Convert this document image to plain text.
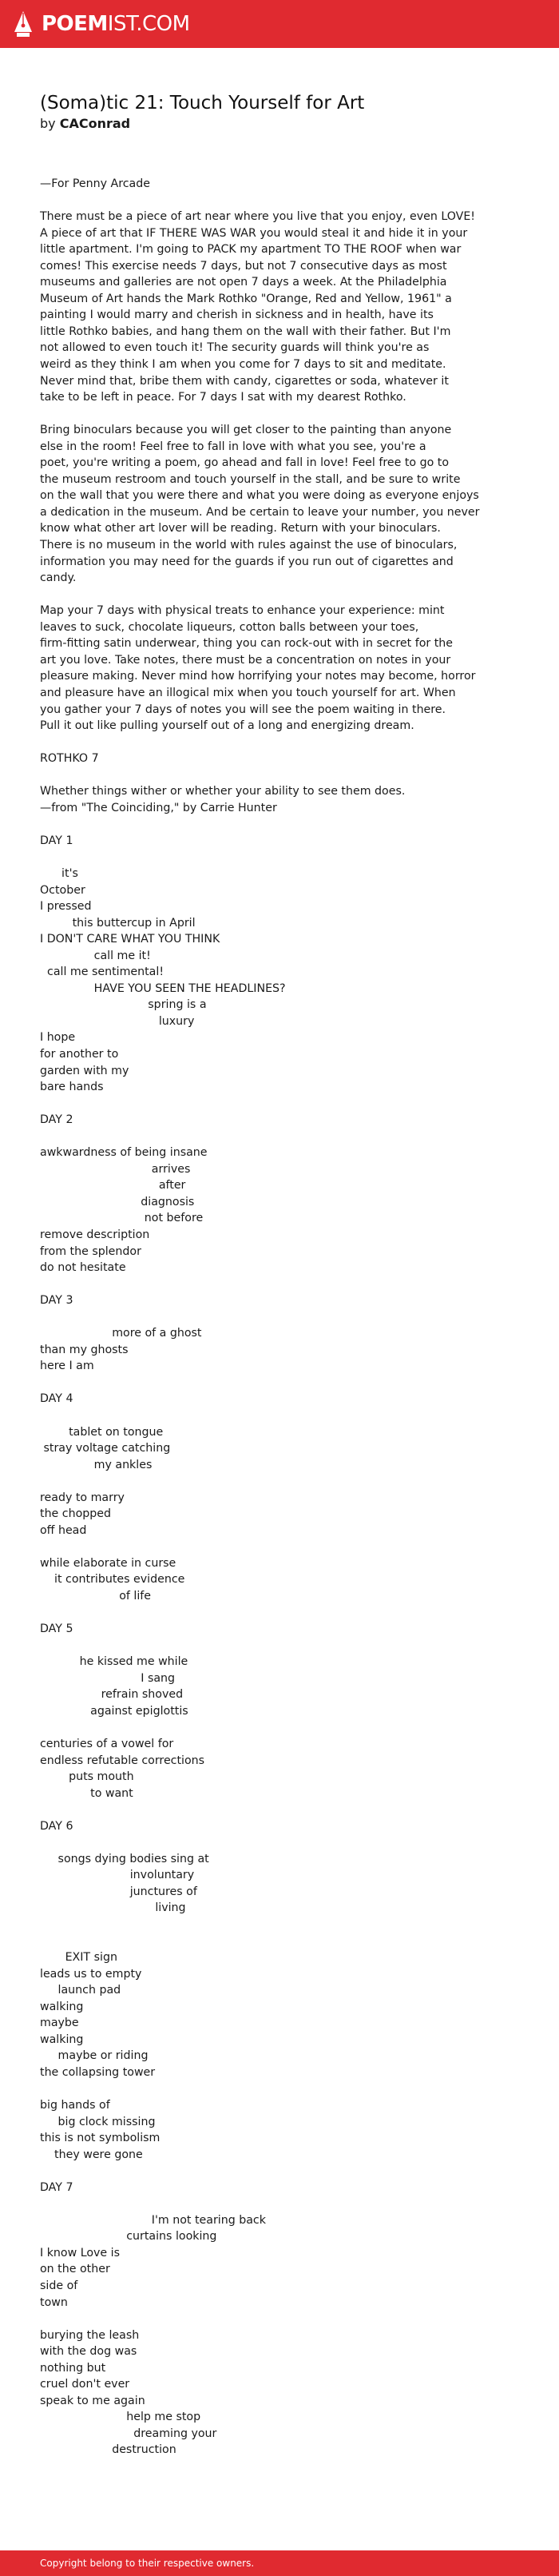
POEMIST.COM
(Soma)tic 21: Touch Yourself for Art
by CAConrad
—For Penny Arcade
There must be a piece of art near where you live that you enjoy, even LOVE!
A piece of art that IF THERE WAS WAR you would steal it and hide it in your
little apartment. I'm going to PACK my apartment TO THE ROOF when war
comes! This exercise needs 7 days, but not 7 consecutive days as most
museums and galleries are not open 7 days a week. At the Philadelphia
Museum of Art hands the Mark Rothko "Orange, Red and Yellow, 1961" a
painting I would marry and cherish in sickness and in health, have its
little Rothko babies, and hang them on the wall with their father. But I'm
not allowed to even touch it! The security guards will think you're as
weird as they think I am when you come for 7 days to sit and meditate.
Never mind that, bribe them with candy, cigarettes or soda, whatever it
take to be left in peace. For 7 days I sat with my dearest Rothko.
Bring binoculars because you will get closer to the painting than anyone
else in the room! Feel free to fall in love with what you see, you're a
poet, you're writing a poem, go ahead and fall in love! Feel free to go to
the museum restroom and touch yourself in the stall, and be sure to write
on the wall that you were there and what you were doing as everyone enjoys
a dedication in the museum. And be certain to leave your number, you never
know what other art lover will be reading. Return with your binoculars.
There is no museum in the world with rules against the use of binoculars,
information you may need for the guards if you run out of cigarettes and
candy.
Map your 7 days with physical treats to enhance your experience: mint
leaves to suck, chocolate liqueurs, cotton balls between your toes,
firm-fitting satin underwear, thing you can rock-out with in secret for the
art you love. Take notes, there must be a concentration on notes in your
pleasure making. Never mind how horrifying your notes may become, horror
and pleasure have an illogical mix when you touch yourself for art. When
you gather your 7 days of notes you will see the poem waiting in there.
Pull it out like pulling yourself out of a long and energizing dream.
ROTHKO 7
Whether things wither or whether your ability to see them does.
—from "The Coinciding," by Carrie Hunter
DAY 1
it's
October
I pressed
this buttercup in April
I DON'T CARE WHAT YOU THINK
call me it!
call me sentimental!
HAVE YOU SEEN THE HEADLINES?
spring is a
luxury
I hope
for another to
garden with my
bare hands
DAY 2
awkwardness of being insane
arrives
after
diagnosis
not before
remove description
from the splendor
do not hesitate
DAY 3
more of a ghost
than my ghosts
here I am
DAY 4
tablet on tongue
stray voltage catching
my ankles
ready to marry
the chopped
off head
while elaborate in curse
it contributes evidence
of life
DAY 5
he kissed me while
I sang
refrain shoved
against epiglottis
centuries of a vowel for
endless refutable corrections
puts mouth
to want
DAY 6
songs dying bodies sing at
involuntary
junctures of
living
EXIT sign
leads us to empty
launch pad
walking
maybe
walking
maybe or riding
the collapsing tower
big hands of
big clock missing
this is not symbolism
they were gone
DAY 7
I'm not tearing back
curtains looking
I know Love is
on the other
side of
town
burying the leash
with the dog was
nothing but
cruel don't ever
speak to me again
help me stop
dreaming your
destruction
Copyright belong to their respective owners.
